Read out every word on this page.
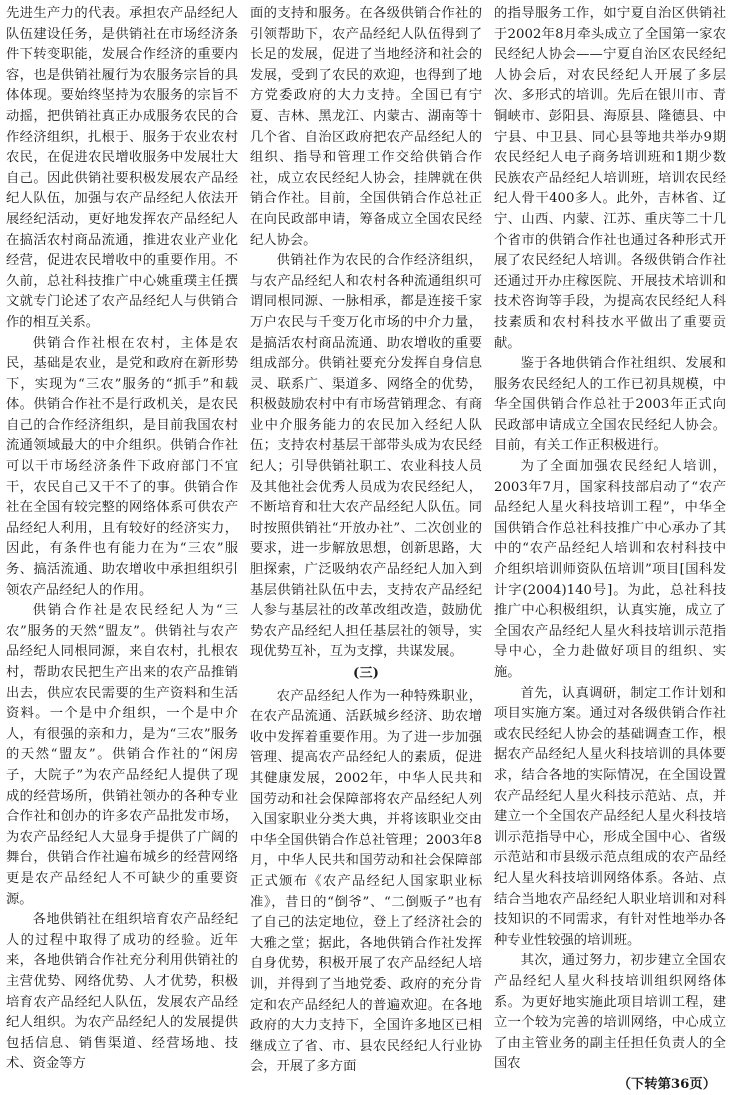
先进生产力的代表。承担农产品经纪人队伍建设任务，是供销社在市场经济条件下转变职能，发展合作经济的重要内容，也是供销社履行为农服务宗旨的具体体现。要始终坚持为农服务的宗旨不动摇，把供销社真正办成服务农民的合作经济组织，扎根于、服务于农业农村农民，在促进农民增收服务中发展壮大自己。因此供销社要积极发展农产品经纪人队伍，加强与农产品经纪人依法开展经纪活动，更好地发挥农产品经纪人在搞活农村商品流通，推进农业产业化经营，促进农民增收中的重要作用。不久前，总社科技推广中心姚重璞主任撰文就专门论述了农产品经纪人与供销合作的相互关系。

供销合作社根在农村，主体是农民，基础是农业，是党和政府在新形势下，实现为“三农”服务的“抓手”和载体。供销合作社不是行政机关，是农民自己的合作经济组织，是目前我国农村流通领域最大的中介组织。供销合作社可以干市场经济条件下政府部门不宜干，农民自己又干不了的事。供销合作社在全国有较完整的网络体系可供农产品经纪人利用，且有较好的经济实力，因此，有条件也有能力在为“三农”服务、搞活流通、助农增收中承担组织引领农产品经纪人的作用。

供销合作社是农民经纪人为“三农”服务的天然“盟友”。供销社与农产品经纪人同根同源，来自农村，扎根农村，帮助农民把生产出来的农产品推销出去，供应农民需要的生产资料和生活资料。一个是中介组织，一个是中介人，有很强的亲和力，是为“三农”服务的天然“盟友”。供销合作社的“闲房子，大院子”为农产品经纪人提供了现成的经营场所，供销社领办的各种专业合作社和创办的许多农产品批发市场，为农产品经纪人大显身手提供了广阔的舞台，供销合作社遍布城乡的经营网络更是农产品经纪人不可缺少的重要资源。

各地供销社在组织培育农产品经纪人的过程中取得了成功的经验。近年来，各地供销合作社充分利用供销社的主营优势、网络优势、人才优势，积极培育农产品经纪人队伍，发展农产品经纪人组织。为农产品经纪人的发展提供包括信息、销售渠道、经营场地、技术、资金等方

面的支持和服务。在各级供销合作社的引领帮助下，农产品经纪人队伍得到了长足的发展，促进了当地经济和社会的发展，受到了农民的欢迎，也得到了地方党委政府的大力支持。全国已有宁夏、吉林、黑龙江、内蒙古、湖南等十几个省、自治区政府把农产品经纪人的组织、指导和管理工作交给供销合作社，成立农民经纪人协会，挂牌就在供销合作社。目前，全国供销合作总社正在向民政部申请，筹备成立全国农民经纪人协会。

供销社作为农民的合作经济组织，与农产品经纪人和农村各种流通组织可谓同根同源、一脉相承，都是连接千家万户农民与千变万化市场的中介力量，是搞活农村商品流通、助农增收的重要组成部分。供销社要充分发挥自身信息灵、联系广、渠道多、网络全的优势，积极鼓励农村中有市场营销理念、有商业中介服务能力的农民加入经纪人队伍；支持农村基层干部带头成为农民经纪人；引导供销社职工、农业科技人员及其他社会优秀人员成为农民经纪人，不断培育和壮大农产品经纪人队伍。同时按照供销社“开放办社”、二次创业的要求，进一步解放思想，创新思路，大胆探索，广泛吸纳农产品经纪人加入到基层供销社队伍中去，支持农产品经纪人参与基层社的改革改组改造，鼓励优势农产品经纪人担任基层社的领导，实现优势互补，互为支撑，共谋发展。

(三)

农产品经纪人作为一种特殊职业，在农产品流通、活跃城乡经济、助农增收中发挥着重要作用。为了进一步加强管理、提高农产品经纪人的素质，促进其健康发展，2002年，中华人民共和国劳动和社会保障部将农产品经纪人列入国家职业分类大典，并将该职业交由中华全国供销合作总社管理；2003年8月，中华人民共和国劳动和社会保障部正式颁布《农产品经纪人国家职业标准》，昔日的“倒爷”、“二倒贩子”也有了自己的法定地位，登上了经济社会的大雅之堂；据此，各地供销合作社发挥自身优势，积极开展了农产品经纪人培训，并得到了当地党委、政府的充分肯定和农产品经纪人的普遍欢迎。在各地政府的大力支持下，全国许多地区已相继成立了省、市、县农民经纪人行业协会，开展了多方面

的指导服务工作，如宁夏自治区供销社于2002年8月牵头成立了全国第一家农民经纪人协会——宁夏自治区农民经纪人协会后，对农民经纪人开展了多层次、多形式的培训。先后在银川市、青铜峡市、彭阳县、海原县、隆德县、中宁县、中卫县、同心县等地共举办9期农民经纪人电子商务培训班和1期少数民族农产品经纪人培训班，培训农民经纪人骨干400多人。此外，吉林省、辽宁、山西、内蒙、江苏、重庆等二十几个省市的供销合作社也通过各种形式开展了农民经纪人培训。各级供销合作社还通过开办庄稼医院、开展技术培训和技术咨询等手段，为提高农民经纪人科技素质和农村科技水平做出了重要贡献。

鉴于各地供销合作社组织、发展和服务农民经纪人的工作已初具规模，中华全国供销合作总社于2003年正式向民政部申请成立全国农民经纪人协会。目前，有关工作正积极进行。

为了全面加强农民经纪人培训，2003年7月，国家科技部启动了“农产品经纪人星火科技培训工程”，中华全国供销合作总社科技推广中心承办了其中的“农产品经纪人培训和农村科技中介组织培训师资队伍培训”项目[国科发计字(2004)140号]。为此，总社科技推广中心积极组织，认真实施，成立了全国农产品经纪人星火科技培训示范指导中心，全力赴做好项目的组织、实施。

首先，认真调研，制定工作计划和项目实施方案。通过对各级供销合作社或农民经纪人协会的基础调查工作，根据农产品经纪人星火科技培训的具体要求，结合各地的实际情况，在全国设置农产品经纪人星火科技示范站、点，并建立一个全国农产品经纪人星火科技培训示范指导中心，形成全国中心、省级示范站和市县级示范点组成的农产品经纪人星火科技培训网络体系。各站、点结合当地农产品经纪人职业培训和对科技知识的不同需求，有针对性地举办各种专业性较强的培训班。

其次，通过努力，初步建立全国农产品经纪人星火科技培训组织网络体系。为更好地实施此项目培训工程，建立一个较为完善的培训网络，中心成立了由主管业务的副主任担任负责人的全国农

（下转第36页）
